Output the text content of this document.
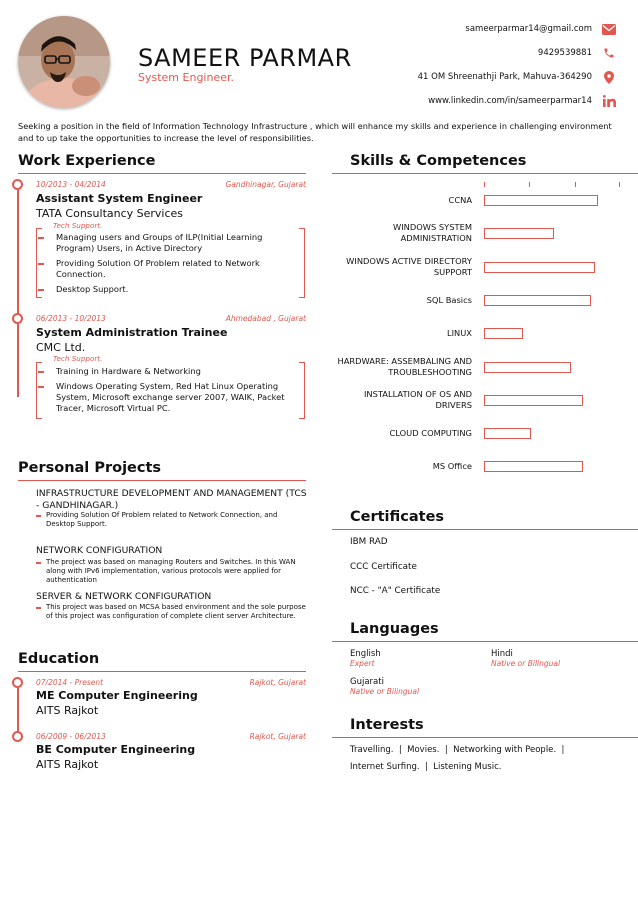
SAMEER PARMAR
System Engineer.
sameerparmar14@gmail.com
9429539881
41 OM Shreenathji Park, Mahuva-364290
www.linkedin.com/in/sameerparmar14
Seeking a position in the field of Information Technology Infrastructure , which will enhance my skills and experience in challenging environment and to up take the opportunities to increase the level of responsibilities.
Work Experience
10/2013 - 04/2014	Gandhinagar, Gujarat
Assistant System Engineer
TATA Consultancy Services
Tech Support.
Managing users and Groups of ILP(Initial Learning Program) Users, in Active Directory
Providing Solution Of Problem related to Network Connection.
Desktop Support.
06/2013 - 10/2013	Ahmedabad , Gujarat
System Administration Trainee
CMC Ltd.
Tech Support.
Training in Hardware & Networking
Windows Operating System, Red Hat Linux Operating System, Microsoft exchange server 2007, WAIK, Packet Tracer, Microsoft Virtual PC.
Personal Projects
INFRASTRUCTURE DEVELOPMENT AND MANAGEMENT (TCS - GANDHINAGAR.)
Providing Solution Of Problem related to Network Connection, and Desktop Support.
NETWORK CONFIGURATION
The project was based on managing Routers and Switches. In this WAN along with IPv6 implementation, various protocols were applied for authentication
SERVER & NETWORK CONFIGURATION
This project was based on MCSA based environment and the sole purpose of this project was configuration of complete client server Architecture.
Education
07/2014 - Present	Rajkot, Gujarat
ME Computer Engineering
AITS Rajkot
06/2009 - 06/2013	Rajkot, Gujarat
BE Computer Engineering
AITS Rajkot
Skills & Competences
CCNA
WINDOWS SYSTEM ADMINISTRATION
WINDOWS ACTIVE DIRECTORY SUPPORT
SQL Basics
LINUX
HARDWARE: ASSEMBALING AND TROUBLESHOOTING
INSTALLATION OF OS AND DRIVERS
CLOUD COMPUTING
MS Office
Certificates
IBM RAD
CCC Certificate
NCC - "A" Certificate
Languages
English
Expert
Hindi
Native or Bilingual
Gujarati
Native or Bilingual
Interests
Travelling.  |  Movies.  |  Networking with People.  |
Internet Surfing.  |  Listening Music.
